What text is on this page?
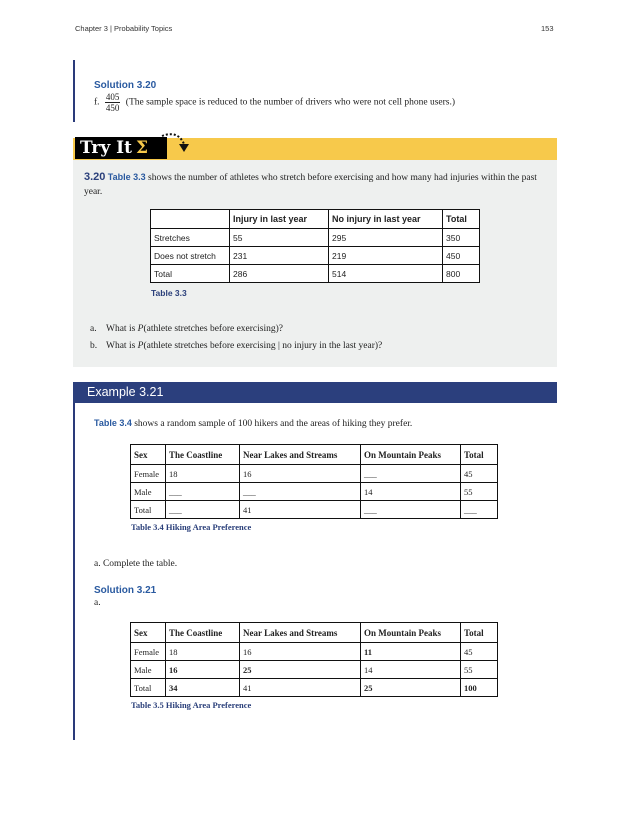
Chapter 3 | Probability Topics	153
Solution 3.20
f. $\frac{405}{450} (The$ sample space is reduced to the number of drivers who were not cell phone users.)
Try It Σ
3.20 Table 3.3 shows the number of athletes who stretch before exercising and how many had injuries within the past year.
	Injury in last year	No injury in last year	Total
Stretches	55	295	350
Does not stretch	231	219	450
Total	286	514	800
Table 3.3
a. What is P(athlete stretches before exercising)?
b. What is P(athlete stretches before exercising | no injury in the last year)?
Example 3.21
Table 3.4 shows a random sample of 100 hikers and the areas of hiking they prefer.
Sex	The Coastline	Near Lakes and Streams	On Mountain Peaks	Total
Female	18	16	___	45
Male	___	___	14	55
Total	___	41	___	___
Table 3.4 Hiking Area Preference
a. Complete the table.
Solution 3.21
a.
Sex	The Coastline	Near Lakes and Streams	On Mountain Peaks	Total
Female	18	16	11	45
Male	16	25	14	55
Total	34	41	25	100
Table 3.5 Hiking Area Preference
